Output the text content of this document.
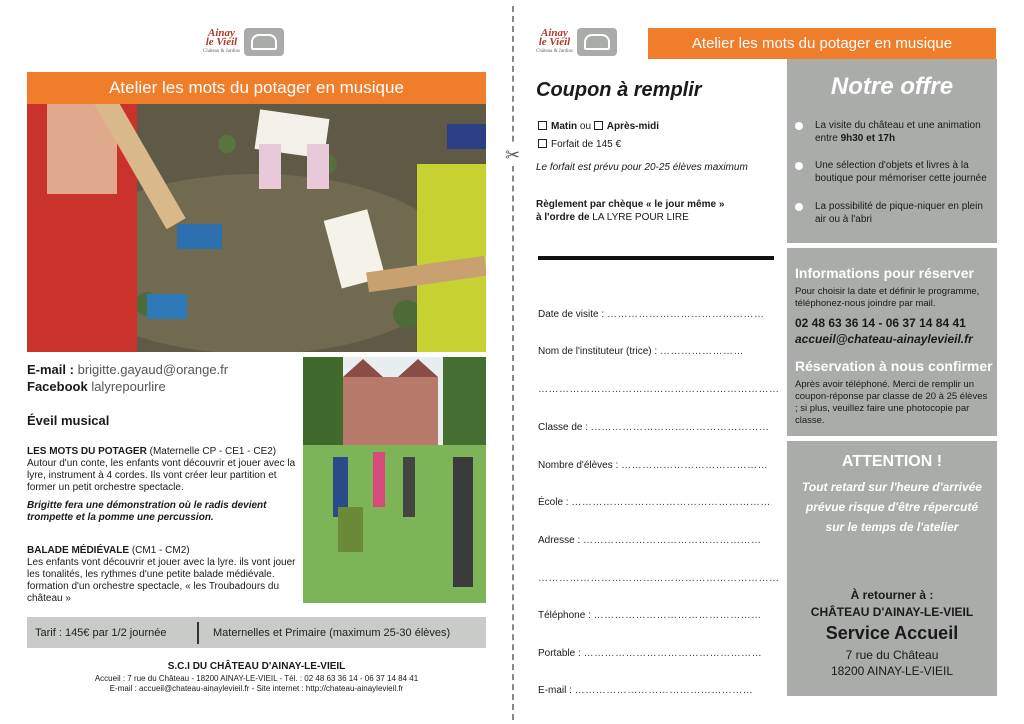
Ainay
le Vieil
Château & Jardins
Atelier les mots du potager en musique
E-mail : brigitte.gayaud@orange.fr
Facebook lalyrepourlire
Éveil musical
LES MOTS DU POTAGER (Maternelle CP - CE1 - CE2)
Autour d'un conte, les enfants vont découvrir et jouer avec la lyre, instrument à 4 cordes. Ils vont créer leur partition et former un petit orchestre spectacle.
Brigitte fera une démonstration où le radis devient trompette et la pomme une percussion.
BALADE MÉDIÉVALE (CM1 - CM2)
Les enfants vont découvrir et jouer avec la lyre. ils vont jouer les tonalités, les rythmes d'une petite balade médiévale. formation d'un orchestre spectacle, « les Troubadours du château »
Tarif : 145€ par 1/2 journée	Maternelles et Primaire (maximum 25-30 élèves)
S.C.I DU CHÂTEAU D'AINAY-LE-VIEIL
Accueil : 7 rue du Château - 18200 AINAY-LE-VIEIL - Tél. : 02 48 63 36 14 - 06 37 14 84 41
E-mail : accueil@chateau-ainaylevieil.fr - Site internet : http://chateau-ainaylevieil.fr
✂
Ainay
le Vieil
Château & Jardins	Atelier les mots du potager en musique
Coupon à remplir
Matin ou Après-midi
Forfait de 145 €
Le forfait est prévu pour 20-25 élèves maximum
Règlement par chèque « le jour même »
à l'ordre de LA LYRE POUR LIRE
Date de visite : ………………………………………
Nom de l'instituteur (trice) : ……………………
……………………………………………………………
Classe de : ……………………………………………
Nombre d'élèves : ……………………………………
École : …………………………………………………
Adresse : ……………………………………………
……………………………………………………………
Téléphone : …………………………………………
Portable : ……………………………………………
E-mail : ……………………………………………
Notre offre
La visite du château et une animation entre 9h30 et 17h
Une sélection d'objets et livres à la boutique pour mémoriser cette journée
La possibilité de pique-niquer en plein air ou à l'abri
Informations pour réserver
Pour choisir la date et définir le programme, téléphonez-nous joindre par mail.
02 48 63 36 14 - 06 37 14 84 41
accueil@chateau-ainaylevieil.fr
Réservation à nous confirmer
Après avoir téléphoné. Merci de remplir un coupon-réponse par classe de 20 à 25 élèves ; si plus, veuillez faire une photocopie par classe.
ATTENTION !
Tout retard sur l'heure d'arrivée prévue risque d'être répercuté sur le temps de l'atelier
À retourner à :
CHÂTEAU D'AINAY-LE-VIEIL
Service Accueil
7 rue du Château
18200 AINAY-LE-VIEIL
